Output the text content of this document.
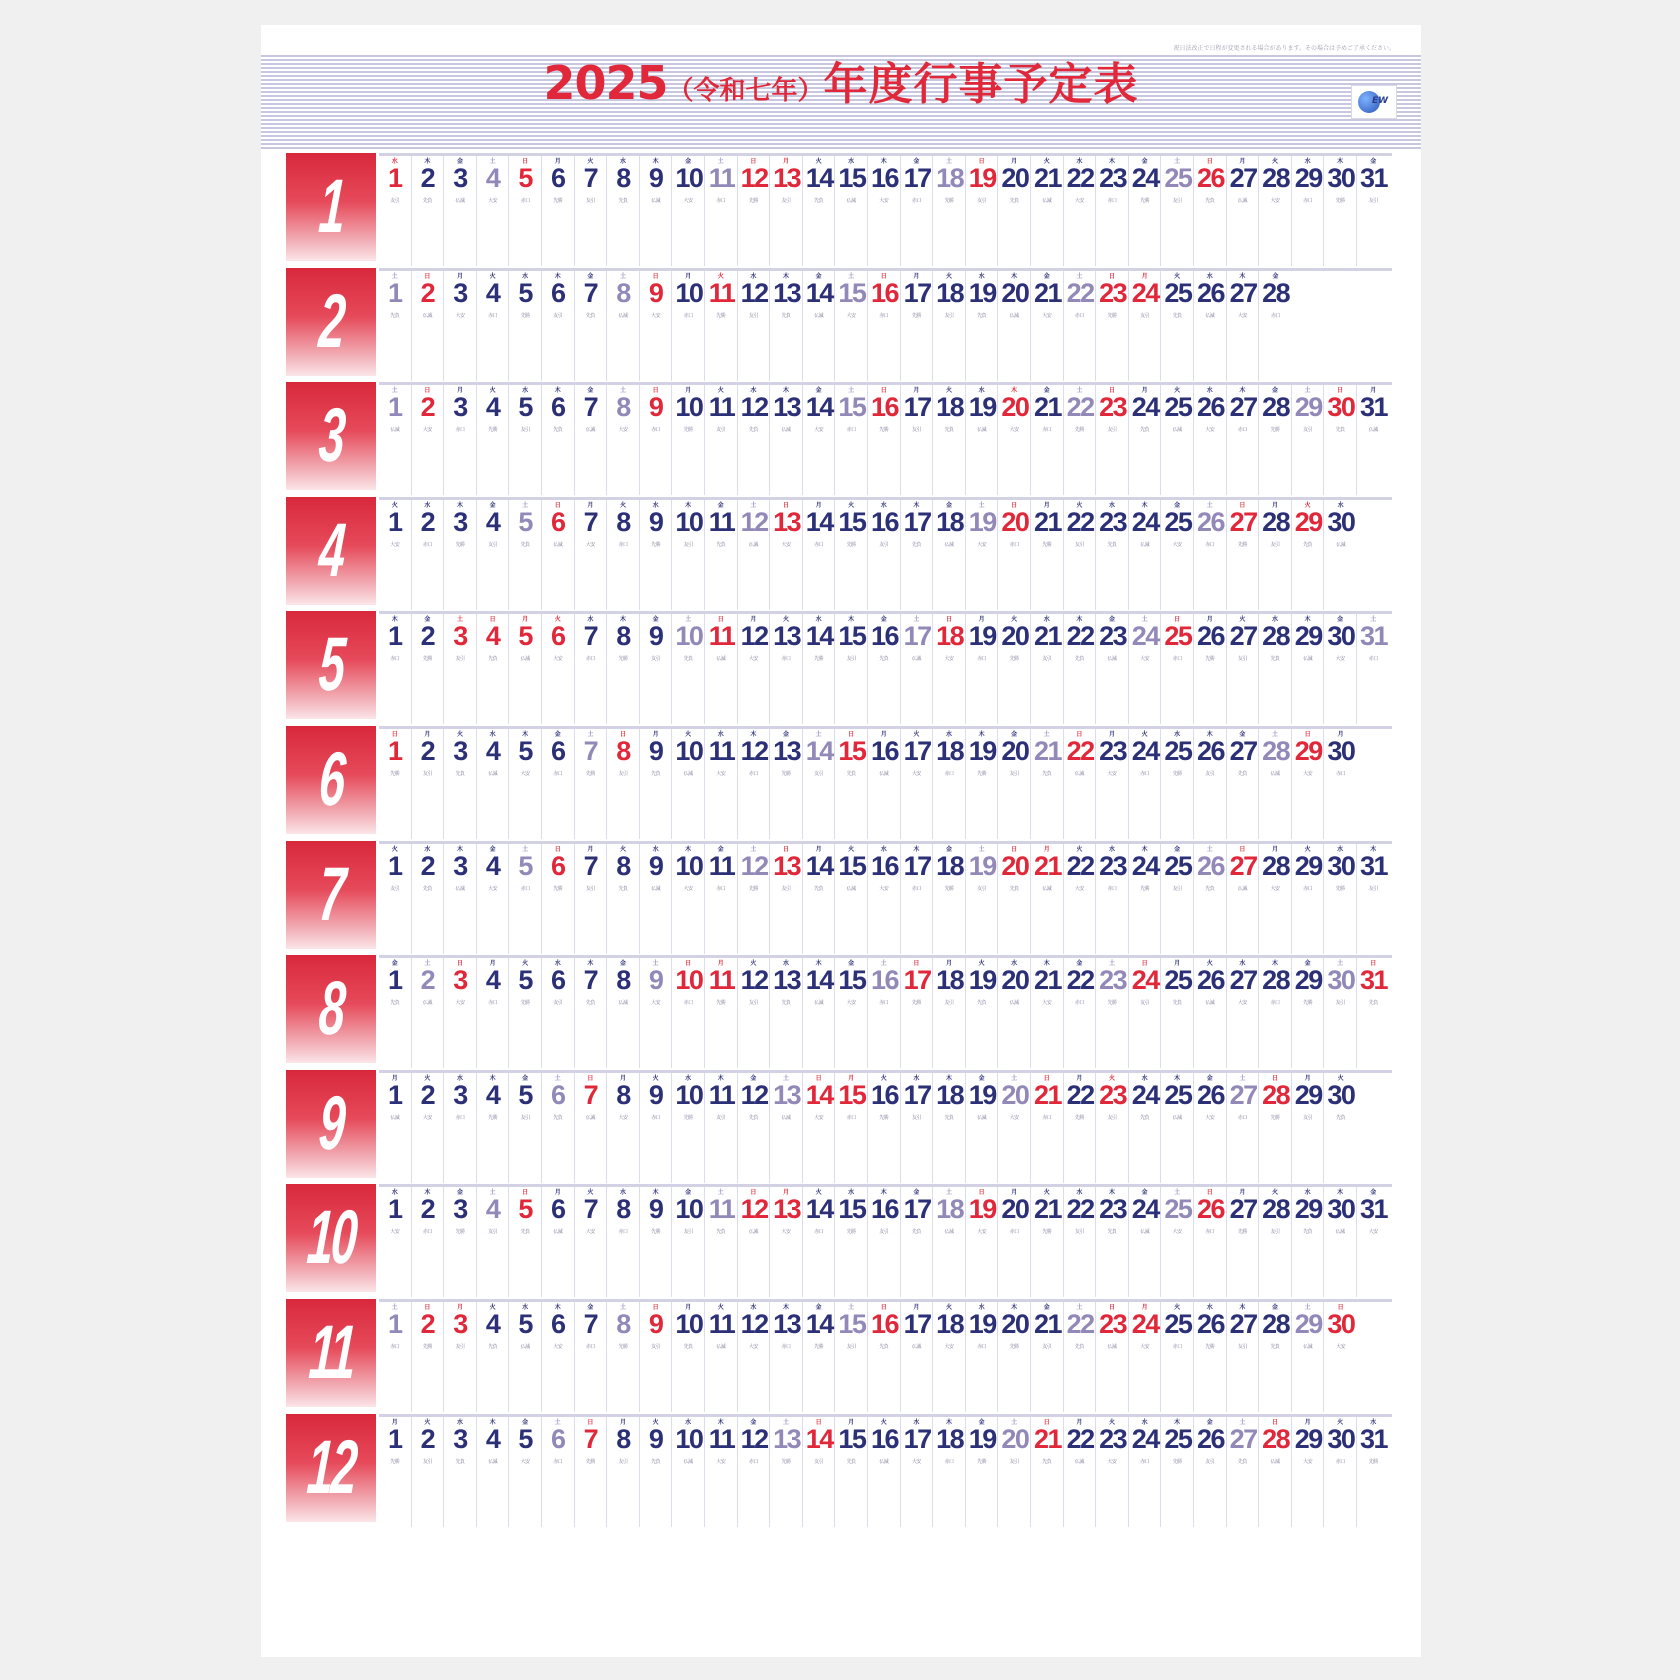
祝日法改正で日程が変更される場合があります。その場合は予めご了承ください。
2025（令和七年）年度行事予定表	EW
1
水
1
友引
木
2
先負
金
3
仏滅
土
4
大安
日
5
赤口
月
6
先勝
火
7
友引
水
8
先負
木
9
仏滅
金
10
大安
土
11
赤口
日
12
先勝
月
13
友引
火
14
先負
水
15
仏滅
木
16
大安
金
17
赤口
土
18
先勝
日
19
友引
月
20
先負
火
21
仏滅
水
22
大安
木
23
赤口
金
24
先勝
土
25
友引
日
26
先負
月
27
仏滅
火
28
大安
水
29
赤口
木
30
先勝
金
31
友引
2
土
1
先負
日
2
仏滅
月
3
大安
火
4
赤口
水
5
先勝
木
6
友引
金
7
先負
土
8
仏滅
日
9
大安
月
10
赤口
火
11
先勝
水
12
友引
木
13
先負
金
14
仏滅
土
15
大安
日
16
赤口
月
17
先勝
火
18
友引
水
19
先負
木
20
仏滅
金
21
大安
土
22
赤口
日
23
先勝
月
24
友引
火
25
先負
水
26
仏滅
木
27
大安
金
28
赤口
3
土
1
仏滅
日
2
大安
月
3
赤口
火
4
先勝
水
5
友引
木
6
先負
金
7
仏滅
土
8
大安
日
9
赤口
月
10
先勝
火
11
友引
水
12
先負
木
13
仏滅
金
14
大安
土
15
赤口
日
16
先勝
月
17
友引
火
18
先負
水
19
仏滅
木
20
大安
金
21
赤口
土
22
先勝
日
23
友引
月
24
先負
火
25
仏滅
水
26
大安
木
27
赤口
金
28
先勝
土
29
友引
日
30
先負
月
31
仏滅
4
火
1
大安
水
2
赤口
木
3
先勝
金
4
友引
土
5
先負
日
6
仏滅
月
7
大安
火
8
赤口
水
9
先勝
木
10
友引
金
11
先負
土
12
仏滅
日
13
大安
月
14
赤口
火
15
先勝
水
16
友引
木
17
先負
金
18
仏滅
土
19
大安
日
20
赤口
月
21
先勝
火
22
友引
水
23
先負
木
24
仏滅
金
25
大安
土
26
赤口
日
27
先勝
月
28
友引
火
29
先負
水
30
仏滅
5
木
1
赤口
金
2
先勝
土
3
友引
日
4
先負
月
5
仏滅
火
6
大安
水
7
赤口
木
8
先勝
金
9
友引
土
10
先負
日
11
仏滅
月
12
大安
火
13
赤口
水
14
先勝
木
15
友引
金
16
先負
土
17
仏滅
日
18
大安
月
19
赤口
火
20
先勝
水
21
友引
木
22
先負
金
23
仏滅
土
24
大安
日
25
赤口
月
26
先勝
火
27
友引
水
28
先負
木
29
仏滅
金
30
大安
土
31
赤口
6
日
1
先勝
月
2
友引
火
3
先負
水
4
仏滅
木
5
大安
金
6
赤口
土
7
先勝
日
8
友引
月
9
先負
火
10
仏滅
水
11
大安
木
12
赤口
金
13
先勝
土
14
友引
日
15
先負
月
16
仏滅
火
17
大安
水
18
赤口
木
19
先勝
金
20
友引
土
21
先負
日
22
仏滅
月
23
大安
火
24
赤口
水
25
先勝
木
26
友引
金
27
先負
土
28
仏滅
日
29
大安
月
30
赤口
7
火
1
友引
水
2
先負
木
3
仏滅
金
4
大安
土
5
赤口
日
6
先勝
月
7
友引
火
8
先負
水
9
仏滅
木
10
大安
金
11
赤口
土
12
先勝
日
13
友引
月
14
先負
火
15
仏滅
水
16
大安
木
17
赤口
金
18
先勝
土
19
友引
日
20
先負
月
21
仏滅
火
22
大安
水
23
赤口
木
24
先勝
金
25
友引
土
26
先負
日
27
仏滅
月
28
大安
火
29
赤口
水
30
先勝
木
31
友引
8
金
1
先負
土
2
仏滅
日
3
大安
月
4
赤口
火
5
先勝
水
6
友引
木
7
先負
金
8
仏滅
土
9
大安
日
10
赤口
月
11
先勝
火
12
友引
水
13
先負
木
14
仏滅
金
15
大安
土
16
赤口
日
17
先勝
月
18
友引
火
19
先負
水
20
仏滅
木
21
大安
金
22
赤口
土
23
先勝
日
24
友引
月
25
先負
火
26
仏滅
水
27
大安
木
28
赤口
金
29
先勝
土
30
友引
日
31
先負
9
月
1
仏滅
火
2
大安
水
3
赤口
木
4
先勝
金
5
友引
土
6
先負
日
7
仏滅
月
8
大安
火
9
赤口
水
10
先勝
木
11
友引
金
12
先負
土
13
仏滅
日
14
大安
月
15
赤口
火
16
先勝
水
17
友引
木
18
先負
金
19
仏滅
土
20
大安
日
21
赤口
月
22
先勝
火
23
友引
水
24
先負
木
25
仏滅
金
26
大安
土
27
赤口
日
28
先勝
月
29
友引
火
30
先負
10
水
1
大安
木
2
赤口
金
3
先勝
土
4
友引
日
5
先負
月
6
仏滅
火
7
大安
水
8
赤口
木
9
先勝
金
10
友引
土
11
先負
日
12
仏滅
月
13
大安
火
14
赤口
水
15
先勝
木
16
友引
金
17
先負
土
18
仏滅
日
19
大安
月
20
赤口
火
21
先勝
水
22
友引
木
23
先負
金
24
仏滅
土
25
大安
日
26
赤口
月
27
先勝
火
28
友引
水
29
先負
木
30
仏滅
金
31
大安
11
土
1
赤口
日
2
先勝
月
3
友引
火
4
先負
水
5
仏滅
木
6
大安
金
7
赤口
土
8
先勝
日
9
友引
月
10
先負
火
11
仏滅
水
12
大安
木
13
赤口
金
14
先勝
土
15
友引
日
16
先負
月
17
仏滅
火
18
大安
水
19
赤口
木
20
先勝
金
21
友引
土
22
先負
日
23
仏滅
月
24
大安
火
25
赤口
水
26
先勝
木
27
友引
金
28
先負
土
29
仏滅
日
30
大安
12
月
1
先勝
火
2
友引
水
3
先負
木
4
仏滅
金
5
大安
土
6
赤口
日
7
先勝
月
8
友引
火
9
先負
水
10
仏滅
木
11
大安
金
12
赤口
土
13
先勝
日
14
友引
月
15
先負
火
16
仏滅
水
17
大安
木
18
赤口
金
19
先勝
土
20
友引
日
21
先負
月
22
仏滅
火
23
大安
水
24
赤口
木
25
先勝
金
26
友引
土
27
先負
日
28
仏滅
月
29
大安
火
30
赤口
水
31
先勝
